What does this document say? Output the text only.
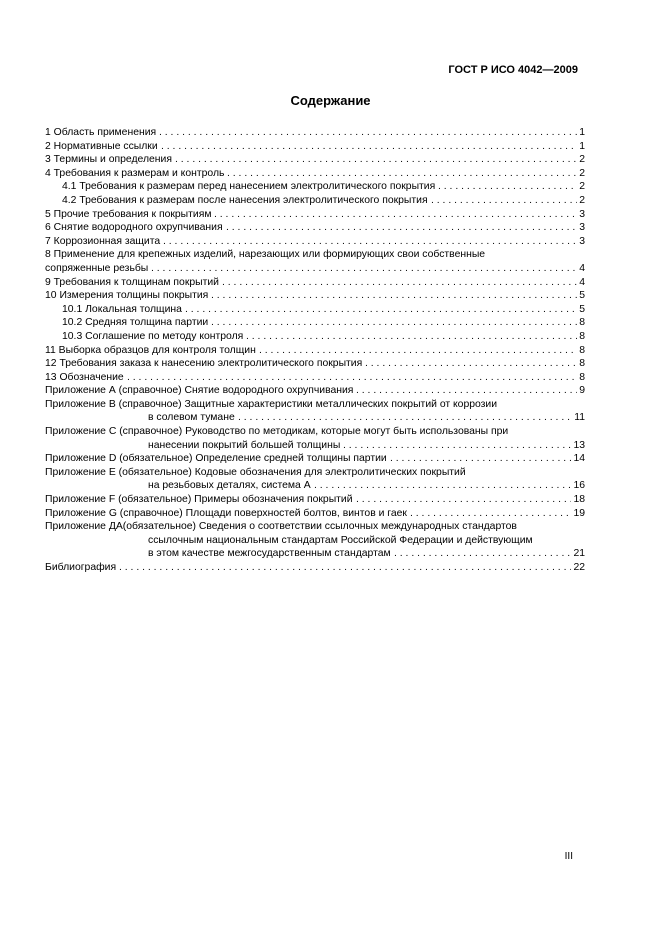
ГОСТ Р ИСО 4042—2009
Содержание
1 Область применения . . .	1
2 Нормативные ссылки . . .	1
3 Термины и определения . . .	2
4 Требования к размерам и контроль . . .	2
4.1 Требования к размерам перед нанесением электролитического покрытия . . .	2
4.2 Требования к размерам после нанесения электролитического покрытия . . .	2
5 Прочие требования к покрытиям . . .	3
6 Снятие водородного охрупчивания . . .	3
7 Коррозионная защита . . .	3
8 Применение для крепежных изделий, нарезающих или формирующих свои собственные
сопряженные резьбы . . .	4
9 Требования к толщинам покрытий . . .	4
10 Измерения толщины покрытия . . .	5
10.1 Локальная толщина . . .	5
10.2 Средняя толщина партии . . .	8
10.3 Соглашение по методу контроля . . .	8
11 Выборка образцов для контроля толщин . . .	8
12 Требования заказа к нанесению электролитического покрытия . . .	8
13 Обозначение . . .	8
Приложение А (справочное) Снятие водородного охрупчивания . . .	9
Приложение В (справочное) Защитные характеристики металлических покрытий от коррозии
в солевом тумане . . .	11
Приложение С (справочное) Руководство по методикам, которые могут быть использованы при
нанесении покрытий большей толщины . . .	13
Приложение D (обязательное) Определение средней толщины партии . . .	14
Приложение Е (обязательное) Кодовые обозначения для электролитических покрытий
на резьбовых деталях, система А . . .	16
Приложение F (обязательное) Примеры обозначения покрытий . . .	18
Приложение G (справочное) Площади поверхностей болтов, винтов и гаек . . .	19
Приложение ДА(обязательное) Сведения о соответствии ссылочных международных стандартов
ссылочным национальным стандартам Российской Федерации и действующим
в этом качестве межгосударственным стандартам . . .	21
Библиография . . .	22
III
